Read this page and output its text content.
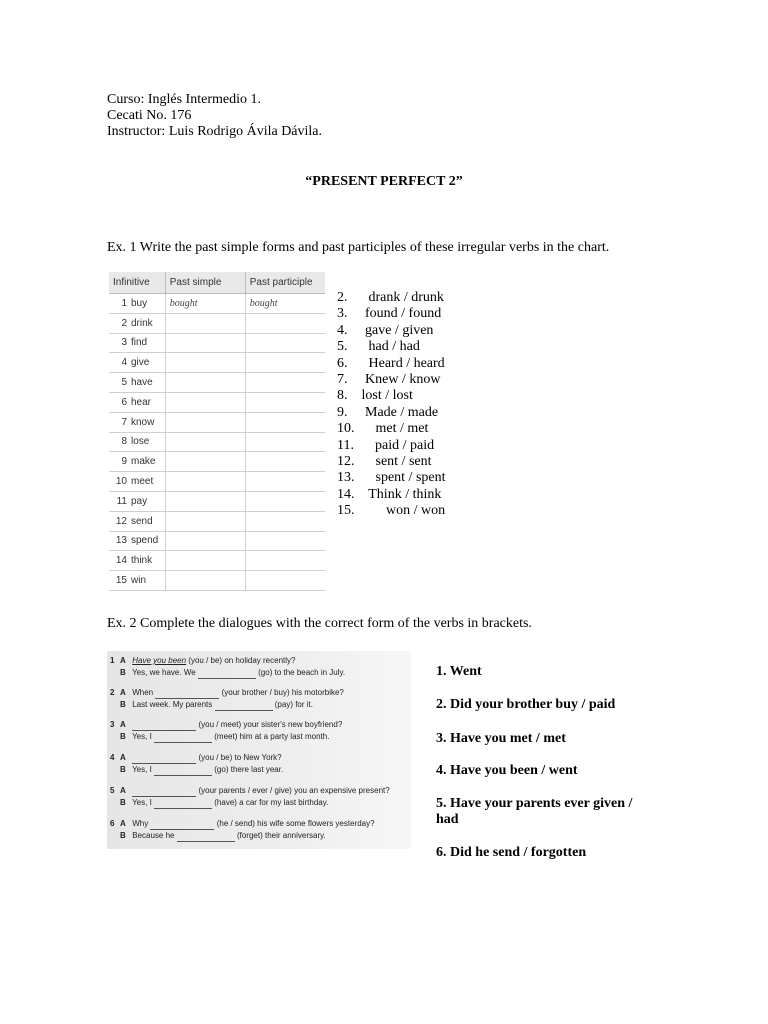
Curso: Inglés Intermedio 1.
Cecati No. 176
Instructor: Luis Rodrigo Ávila Dávila.
“PRESENT PERFECT 2”
Ex. 1 Write the past simple forms and past participles of these irregular verbs in the chart.
Infinitive	Past simple	Past participle
1 buy	bought	bought
2 drink		
3 find		
4 give		
5 have		
6 hear		
7 know		
8 lose		
9 make		
10 meet		
11 pay		
12 send		
13 spend		
14 think		
15 win		
2.      drank / drunk
3.     found / found
4.     gave / given
5.      had / had
6.      Heard / heard
7.     Knew / know
8.    lost / lost
9.     Made / made
10.      met / met
11.      paid / paid
12.      sent / sent
13.      spent / spent
14.    Think / think
15.         won / won
Ex. 2 Complete the dialogues with the correct form of the verbs in brackets.
1 A Have you been (you / be) on holiday recently?
B Yes, we have. We	(go) to the beach in July.
2 A When	(your brother / buy) his motorbike?
B Last week. My parents	(pay) for it.
3 A	(you / meet) your sister's new boyfriend?
B Yes, I	(meet) him at a party last month.
4 A	(you / be) to New York?
B Yes, I	(go) there last year.
5 A	(your parents / ever / give) you an expensive present?
B Yes, I	(have) a car for my last birthday.
6 A Why	(he / send) his wife some flowers yesterday?
B Because he	(forget) their anniversary.
1. Went
2. Did your brother buy / paid
3. Have you met / met
4. Have you been / went
5. Have your parents ever given /
had
6. Did he send / forgotten
